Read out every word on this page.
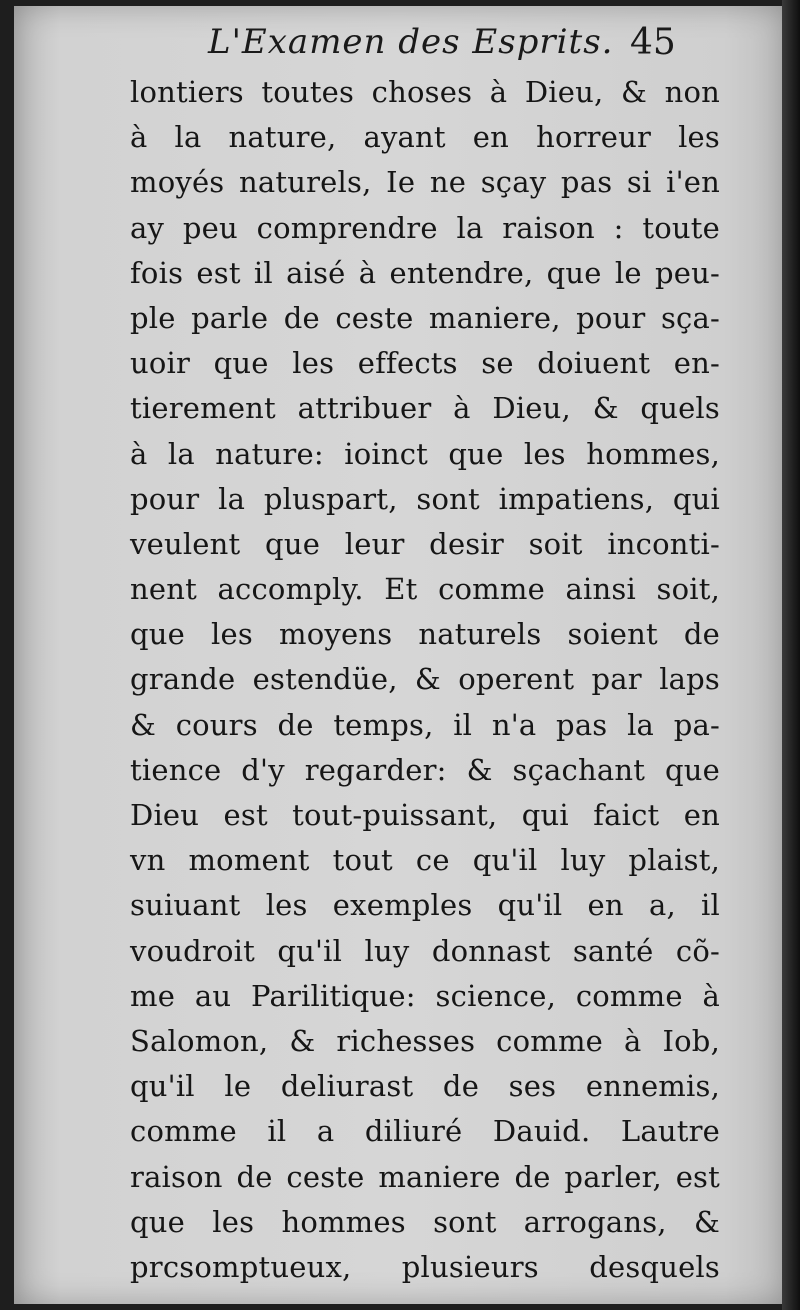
L'Examen des Esprits. 45
lontiers toutes choses à Dieu, & non
à la nature, ayant en horreur les
moyés naturels, Ie ne sçay pas si i'en
ay peu comprendre la raison : toute
fois est il aisé à entendre, que le peu-
ple parle de ceste maniere, pour sça-
uoir que les effects se doiuent en-
tierement attribuer à Dieu, & quels
à la nature: ioinct que les hommes,
pour la pluspart, sont impatiens, qui
veulent que leur desir soit inconti-
nent accomply. Et comme ainsi soit,
que les moyens naturels soient de
grande estendüe, & operent par laps
& cours de temps, il n'a pas la pa-
tience d'y regarder: & sçachant que
Dieu est tout-puissant, qui faict en
vn moment tout ce qu'il luy plaist,
suiuant les exemples qu'il en a, il
voudroit qu'il luy donnast santé cõ-
me au Parilitique: science, comme à
Salomon, & richesses comme à Iob,
qu'il le deliurast de ses ennemis,
comme il a diliuré Dauid. Lautre
raison de ceste maniere de parler, est
que les hommes sont arrogans, &
prcsomptueux, plusieurs desquels
